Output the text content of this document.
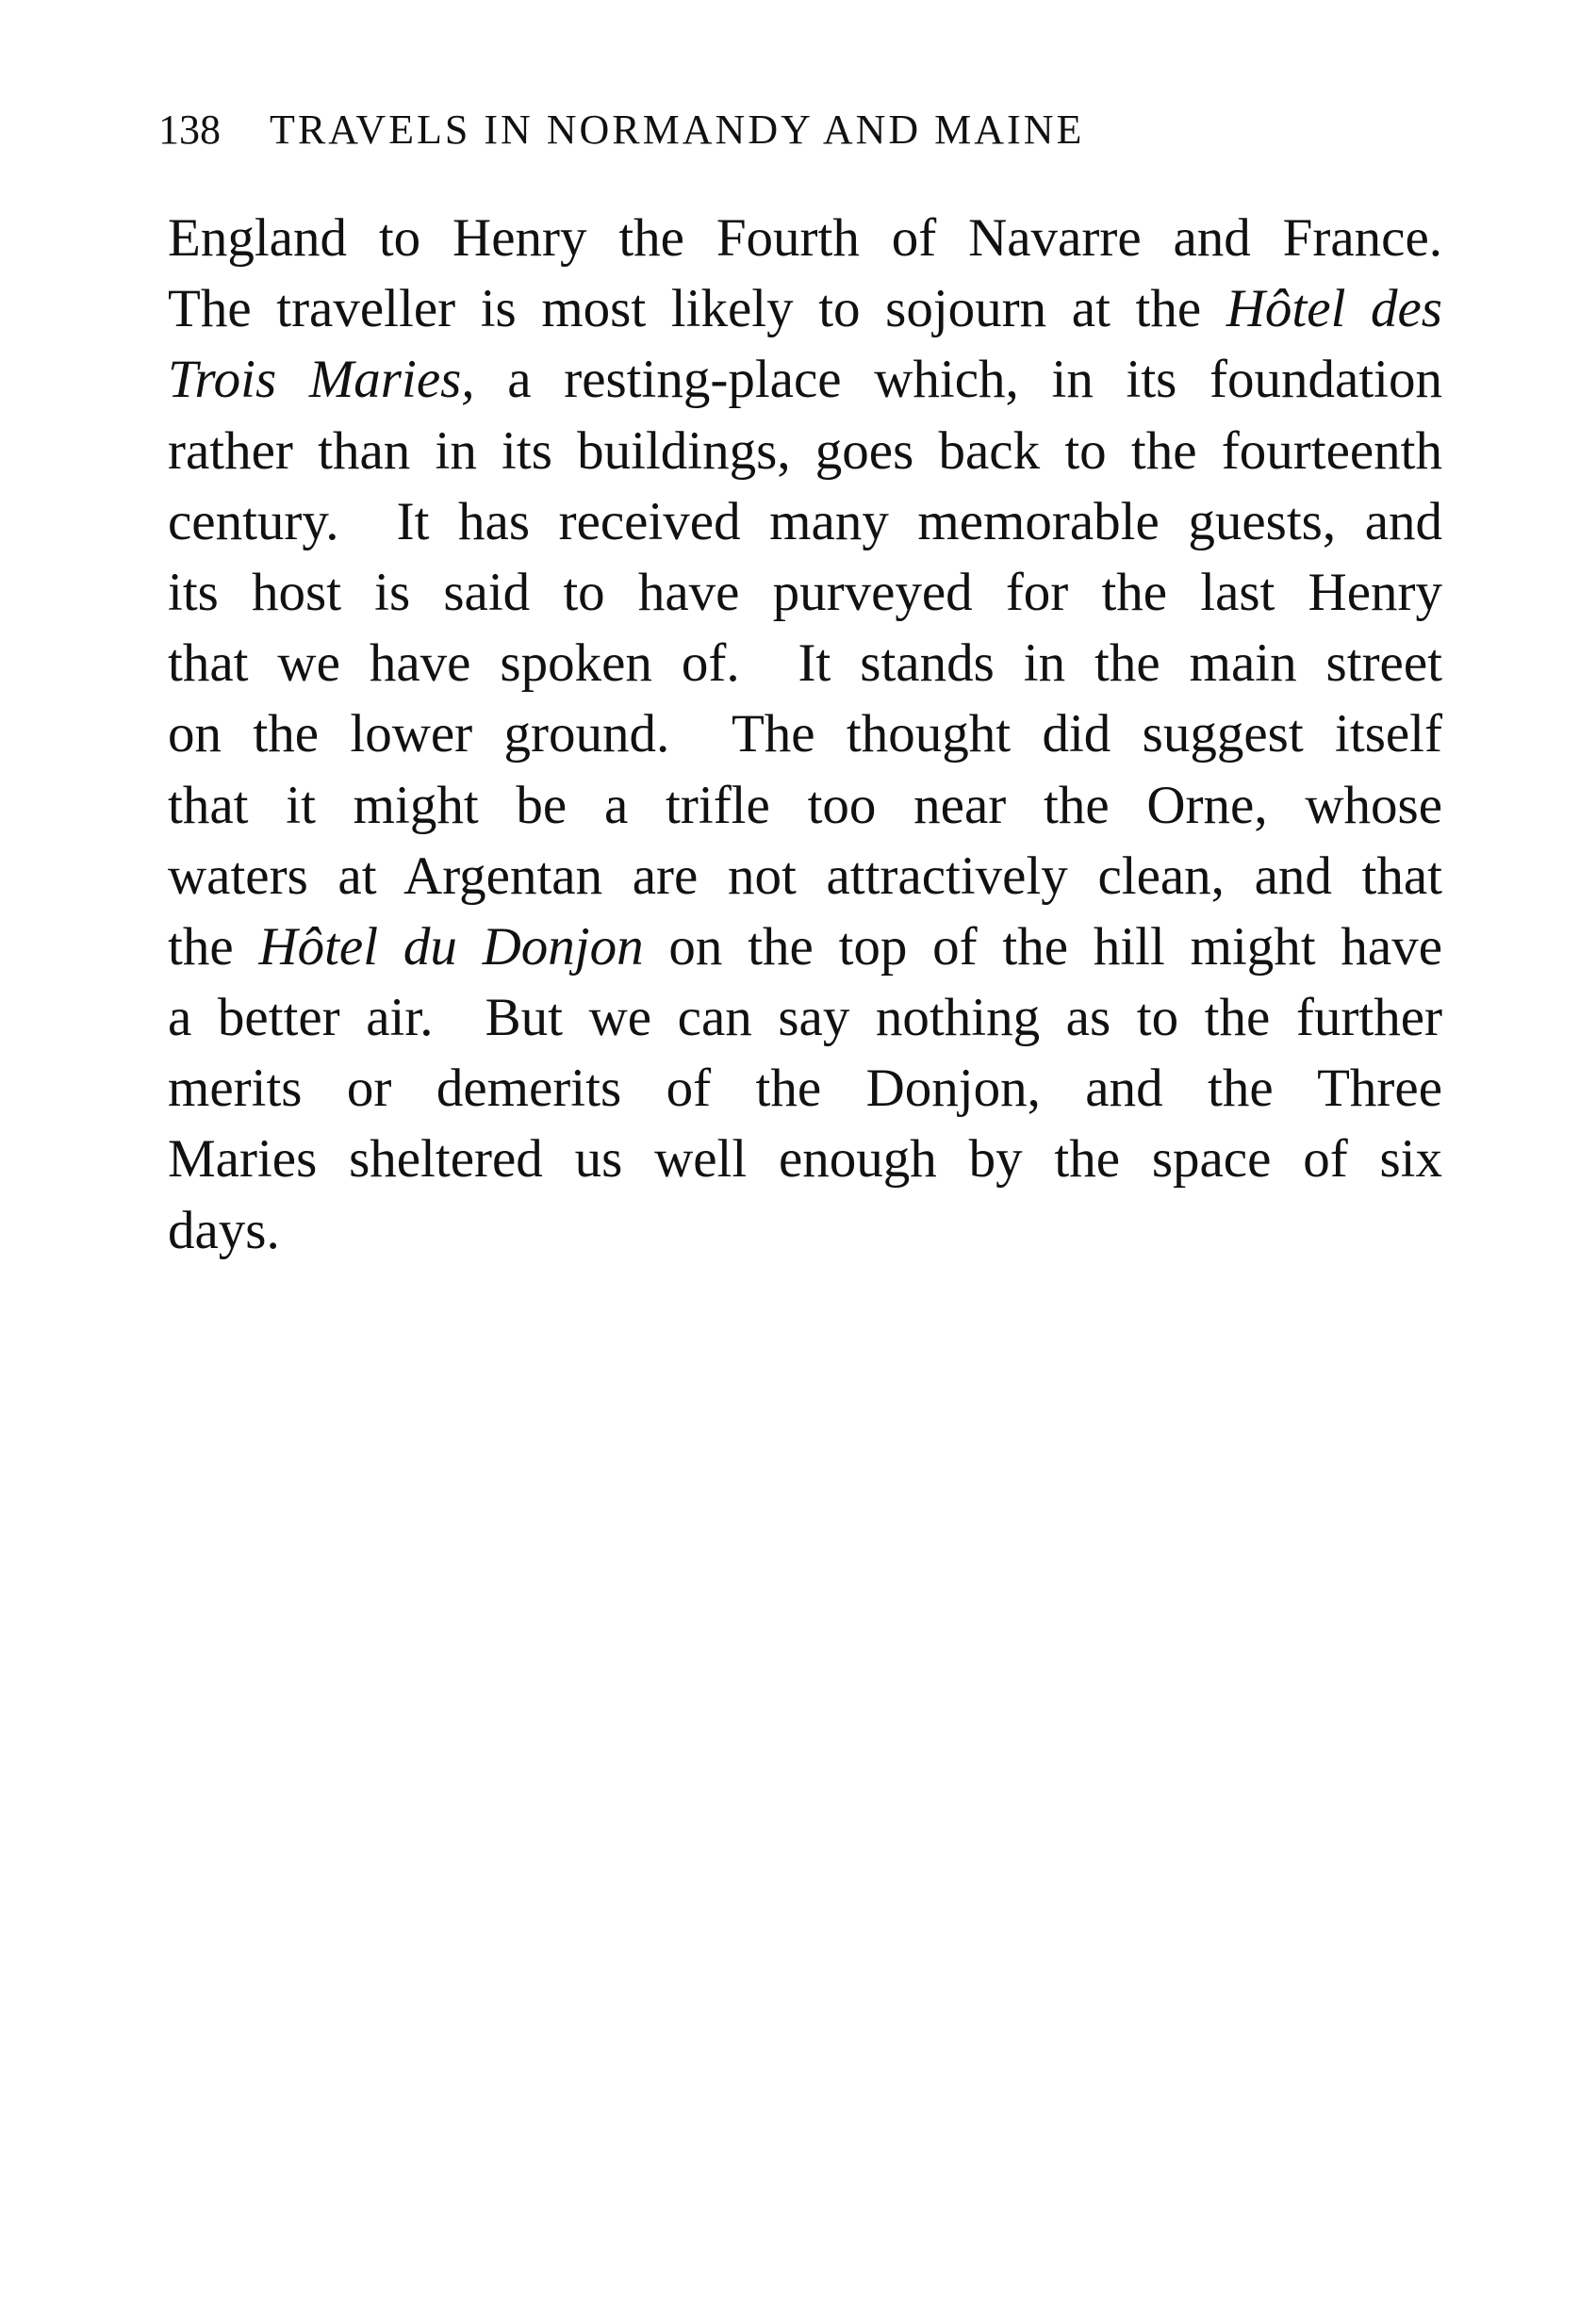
138 TRAVELS IN NORMANDY AND MAINE
England to Henry the Fourth of Navarre and France.
The traveller is most likely to sojourn at the Hôtel des
Trois Maries, a resting-place which, in its foundation
rather than in its buildings, goes back to the fourteenth
century.  It has received many memorable guests, and
its host is said to have purveyed for the last Henry
that we have spoken of.  It stands in the main street
on the lower ground.  The thought did suggest itself
that it might be a trifle too near the Orne, whose
waters at Argentan are not attractively clean, and that
the Hôtel du Donjon on the top of the hill might have
a better air.  But we can say nothing as to the further
merits or demerits of the Donjon, and the Three
Maries sheltered us well enough by the space of six
days.
